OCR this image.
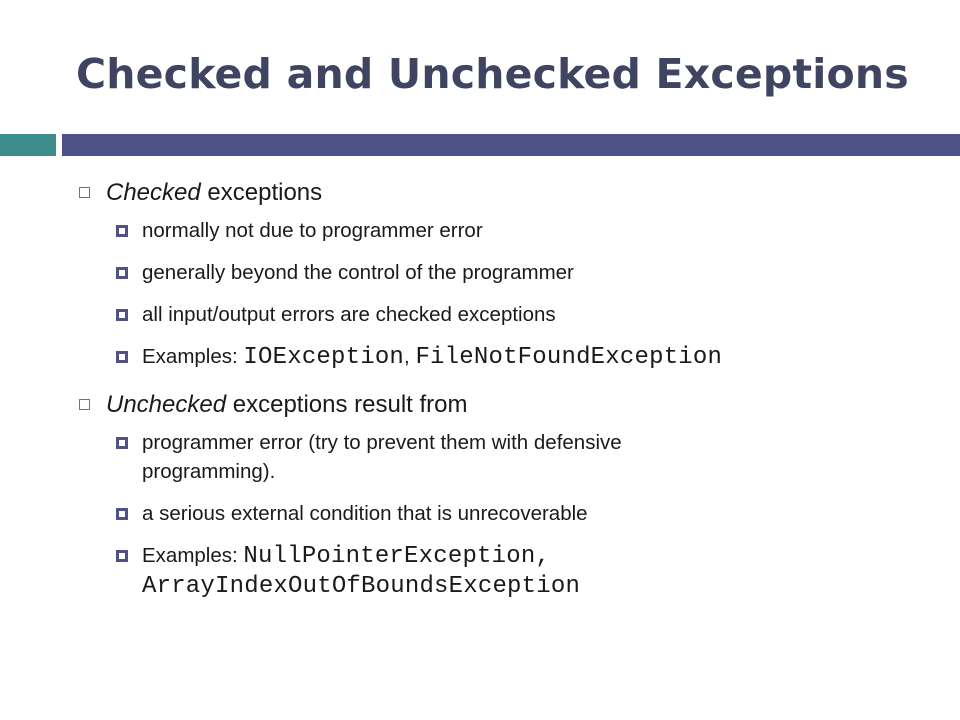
Checked and Unchecked Exceptions
Checked exceptions
normally not due to programmer error
generally beyond the control of the programmer
all input/output errors are checked exceptions
Examples: IOException, FileNotFoundException
Unchecked exceptions result from
programmer error (try to prevent them with defensive
programming).
a serious external condition that is unrecoverable
Examples: NullPointerException,
ArrayIndexOutOfBoundsException
